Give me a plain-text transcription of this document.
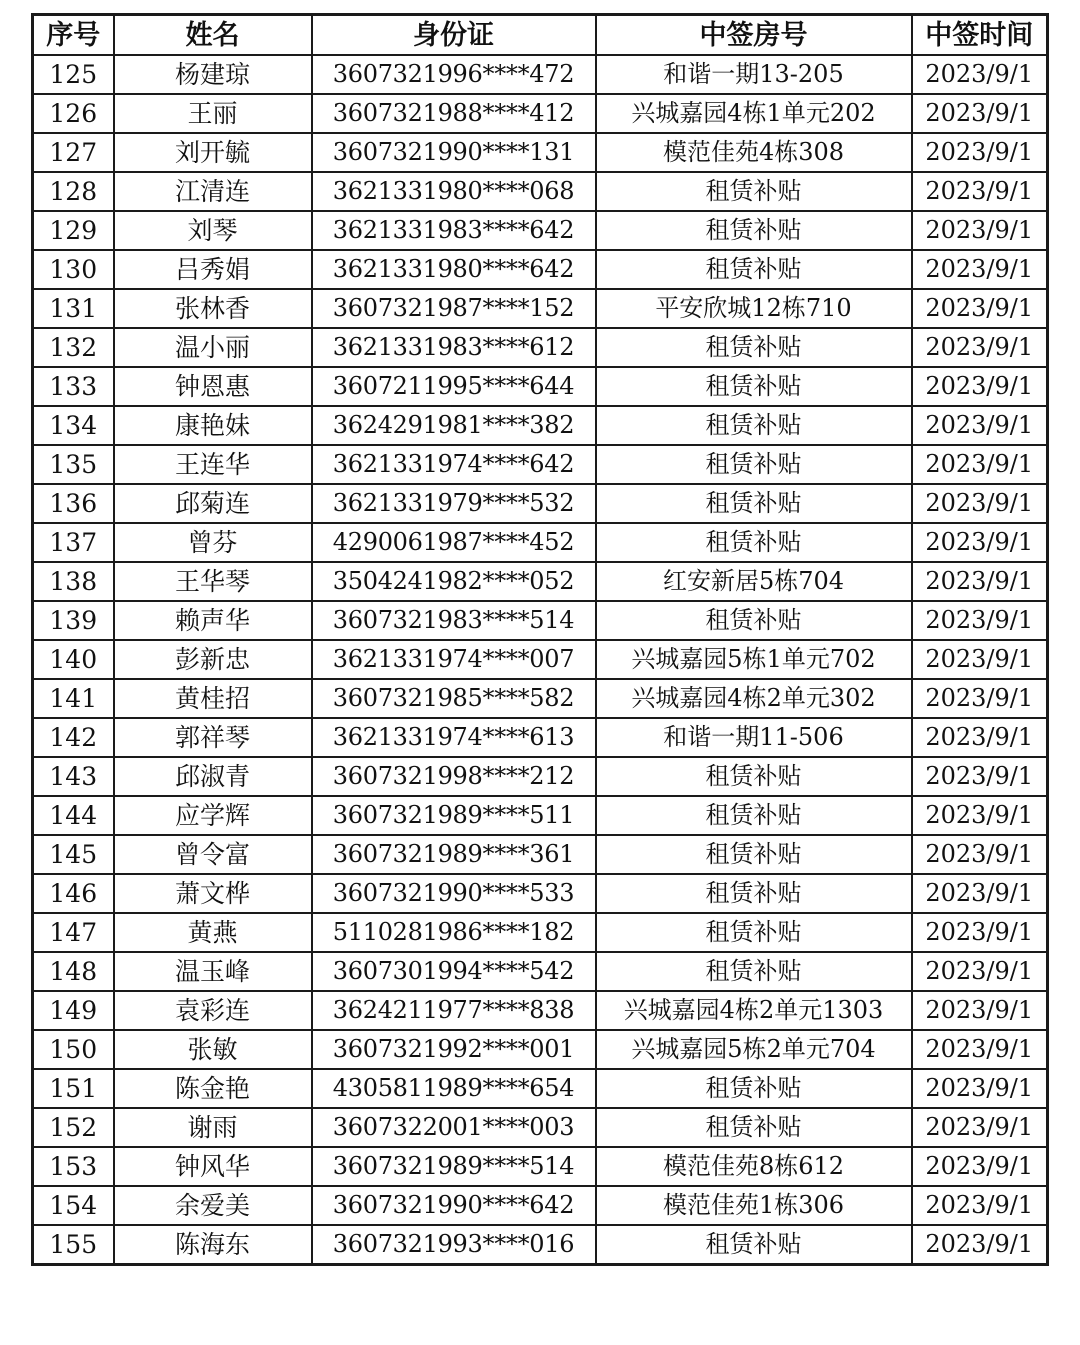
序号	姓名	身份证	中签房号	中签时间
125	杨建琼	3607321996****472	和谐一期13-205	2023/9/1
126	王丽	3607321988****412	兴城嘉园4栋1单元202	2023/9/1
127	刘开毓	3607321990****131	模范佳苑4栋308	2023/9/1
128	江清连	3621331980****068	租赁补贴	2023/9/1
129	刘琴	3621331983****642	租赁补贴	2023/9/1
130	吕秀娟	3621331980****642	租赁补贴	2023/9/1
131	张林香	3607321987****152	平安欣城12栋710	2023/9/1
132	温小丽	3621331983****612	租赁补贴	2023/9/1
133	钟恩惠	3607211995****644	租赁补贴	2023/9/1
134	康艳妹	3624291981****382	租赁补贴	2023/9/1
135	王连华	3621331974****642	租赁补贴	2023/9/1
136	邱菊连	3621331979****532	租赁补贴	2023/9/1
137	曾芬	4290061987****452	租赁补贴	2023/9/1
138	王华琴	3504241982****052	红安新居5栋704	2023/9/1
139	赖声华	3607321983****514	租赁补贴	2023/9/1
140	彭新忠	3621331974****007	兴城嘉园5栋1单元702	2023/9/1
141	黄桂招	3607321985****582	兴城嘉园4栋2单元302	2023/9/1
142	郭祥琴	3621331974****613	和谐一期11-506	2023/9/1
143	邱淑青	3607321998****212	租赁补贴	2023/9/1
144	应学辉	3607321989****511	租赁补贴	2023/9/1
145	曾令富	3607321989****361	租赁补贴	2023/9/1
146	萧文桦	3607321990****533	租赁补贴	2023/9/1
147	黄燕	5110281986****182	租赁补贴	2023/9/1
148	温玉峰	3607301994****542	租赁补贴	2023/9/1
149	袁彩连	3624211977****838	兴城嘉园4栋2单元1303	2023/9/1
150	张敏	3607321992****001	兴城嘉园5栋2单元704	2023/9/1
151	陈金艳	4305811989****654	租赁补贴	2023/9/1
152	谢雨	3607322001****003	租赁补贴	2023/9/1
153	钟风华	3607321989****514	模范佳苑8栋612	2023/9/1
154	余爱美	3607321990****642	模范佳苑1栋306	2023/9/1
155	陈海东	3607321993****016	租赁补贴	2023/9/1
